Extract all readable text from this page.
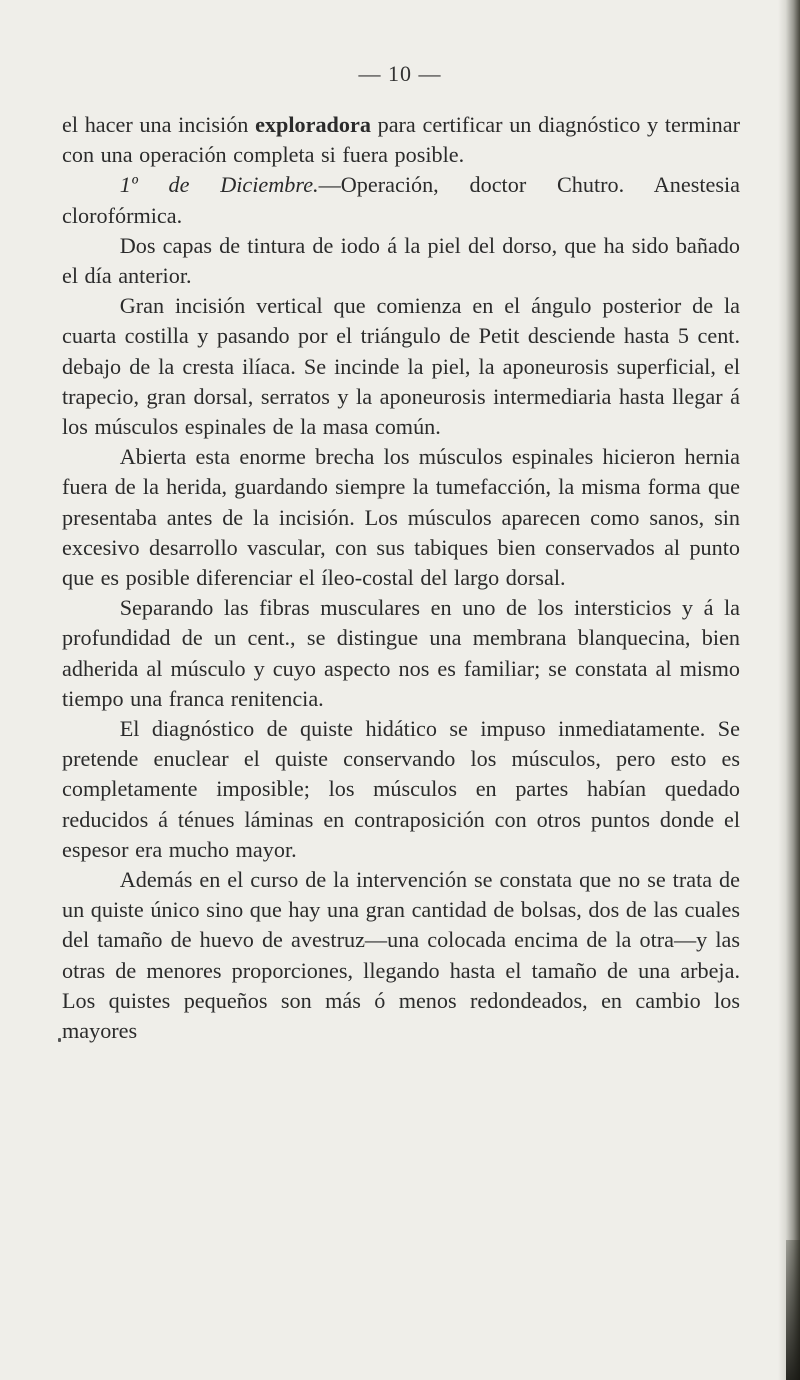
— 10 —

el hacer una incisión exploradora para certificar un diagnóstico y terminar con una operación completa si fuera posible.

1º de Diciembre.—Operación, doctor Chutro. Anestesia clorofórmica.

Dos capas de tintura de iodo á la piel del dorso, que ha sido bañado el día anterior.

Gran incisión vertical que comienza en el ángulo posterior de la cuarta costilla y pasando por el triángulo de Petit desciende hasta 5 cent. debajo de la cresta ilíaca. Se incinde la piel, la aponeurosis superficial, el trapecio, gran dorsal, serratos y la aponeurosis intermediaria hasta llegar á los músculos espinales de la masa común.

Abierta esta enorme brecha los músculos espinales hicieron hernia fuera de la herida, guardando siempre la tumefacción, la misma forma que presentaba antes de la incisión. Los músculos aparecen como sanos, sin excesivo desarrollo vascular, con sus tabiques bien conservados al punto que es posible diferenciar el íleo-costal del largo dorsal.

Separando las fibras musculares en uno de los intersticios y á la profundidad de un cent., se distingue una membrana blanquecina, bien adherida al músculo y cuyo aspecto nos es familiar; se constata al mismo tiempo una franca renitencia.

El diagnóstico de quiste hidático se impuso inmediatamente. Se pretende enuclear el quiste conservando los músculos, pero esto es completamente imposible; los músculos en partes habían quedado reducidos á ténues láminas en contraposición con otros puntos donde el espesor era mucho mayor.

Además en el curso de la intervención se constata que no se trata de un quiste único sino que hay una gran cantidad de bolsas, dos de las cuales del tamaño de huevo de avestruz—una colocada encima de la otra—y las otras de menores proporciones, llegando hasta el tamaño de una arbeja. Los quistes pequeños son más ó menos redondeados, en cambio los mayores
